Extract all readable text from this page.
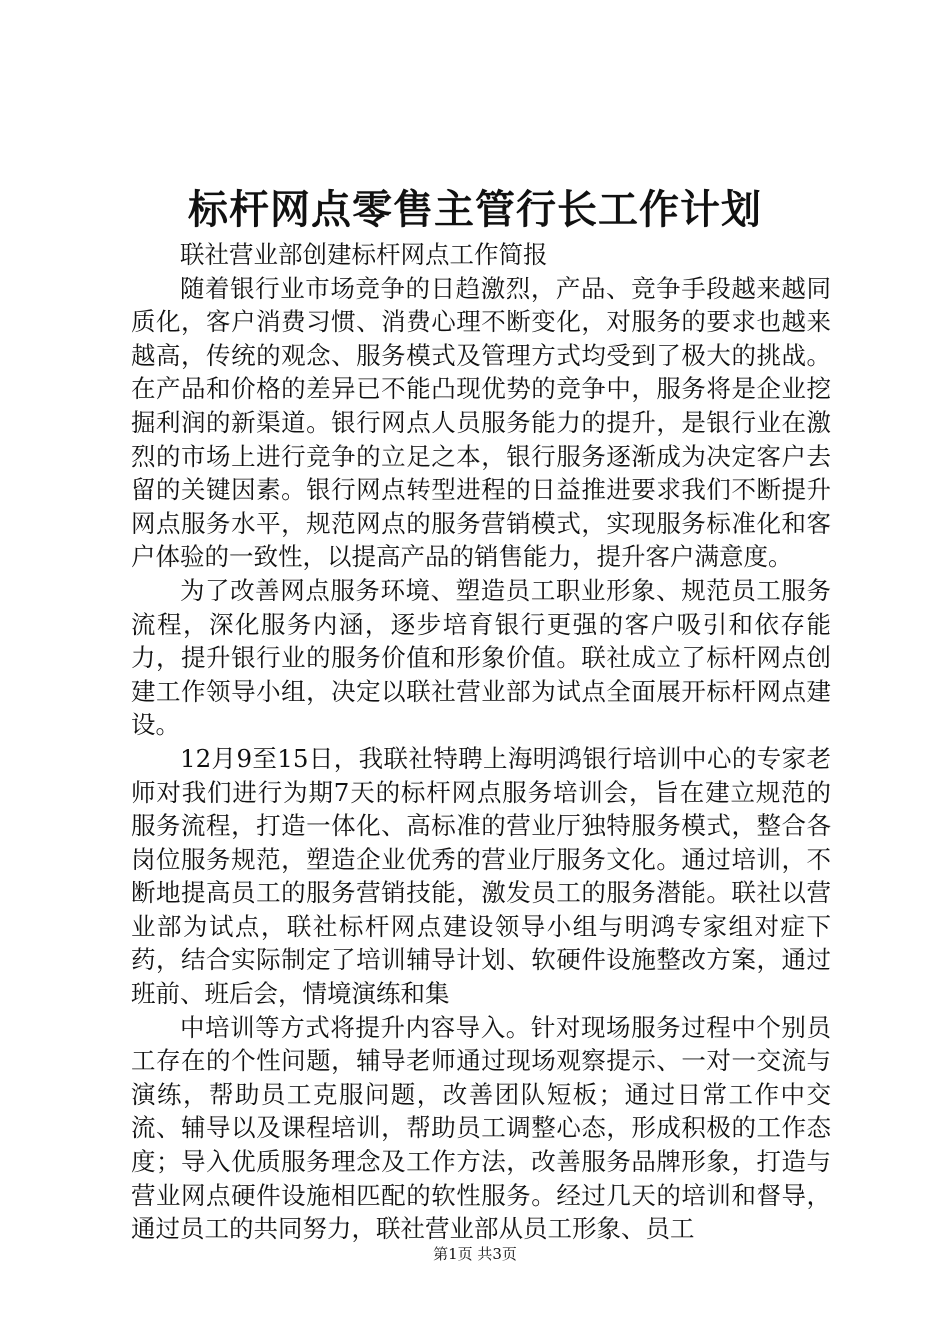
标杆网点零售主管行长工作计划

联社营业部创建标杆网点工作简报

随着银行业市场竞争的日趋激烈，产品、竞争手段越来越同质化，客户消费习惯、消费心理不断变化，对服务的要求也越来越高，传统的观念、服务模式及管理方式均受到了极大的挑战。在产品和价格的差异已不能凸现优势的竞争中，服务将是企业挖掘利润的新渠道。银行网点人员服务能力的提升，是银行业在激烈的市场上进行竞争的立足之本，银行服务逐渐成为决定客户去留的关键因素。银行网点转型进程的日益推进要求我们不断提升网点服务水平，规范网点的服务营销模式，实现服务标准化和客户体验的一致性，以提高产品的销售能力，提升客户满意度。

为了改善网点服务环境、塑造员工职业形象、规范员工服务流程，深化服务内涵，逐步培育银行更强的客户吸引和依存能力，提升银行业的服务价值和形象价值。联社成立了标杆网点创建工作领导小组，决定以联社营业部为试点全面展开标杆网点建设。

12月9至15日，我联社特聘上海明鸿银行培训中心的专家老师对我们进行为期7天的标杆网点服务培训会，旨在建立规范的服务流程，打造一体化、高标准的营业厅独特服务模式，整合各岗位服务规范，塑造企业优秀的营业厅服务文化。通过培训，不断地提高员工的服务营销技能，激发员工的服务潜能。联社以营业部为试点，联社标杆网点建设领导小组与明鸿专家组对症下药，结合实际制定了培训辅导计划、软硬件设施整改方案，通过班前、班后会，情境演练和集

中培训等方式将提升内容导入。针对现场服务过程中个别员工存在的个性问题，辅导老师通过现场观察提示、一对一交流与演练，帮助员工克服问题，改善团队短板；通过日常工作中交流、辅导以及课程培训，帮助员工调整心态，形成积极的工作态度；导入优质服务理念及工作方法，改善服务品牌形象，打造与营业网点硬件设施相匹配的软性服务。经过几天的培训和督导，通过员工的共同努力，联社营业部从员工形象、员工

第1页 共3页
